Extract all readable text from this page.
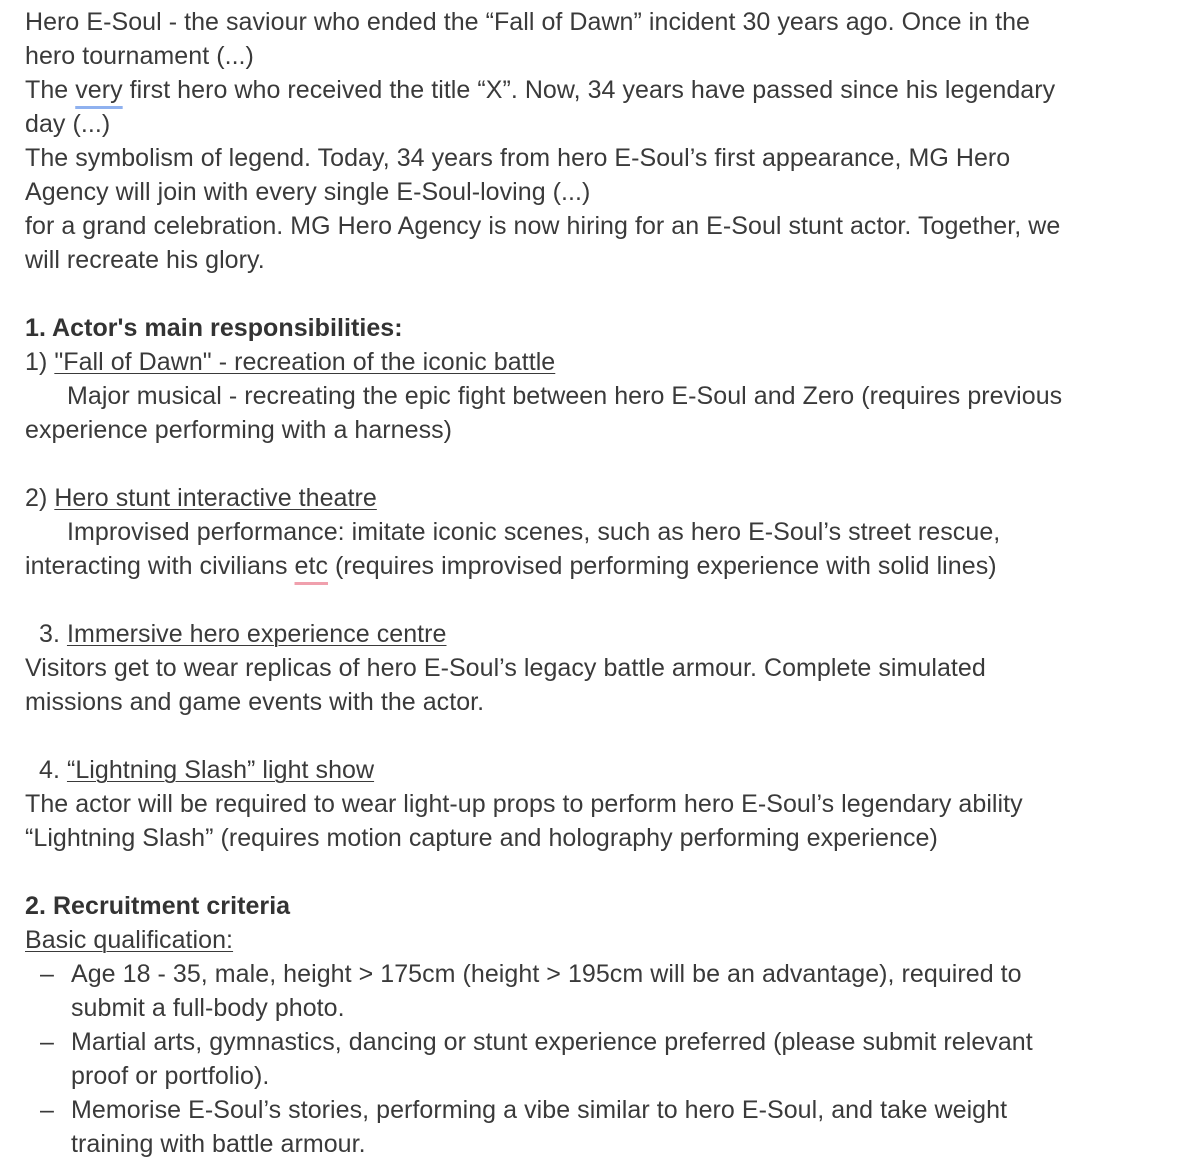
Hero E-Soul - the saviour who ended the “Fall of Dawn” incident 30 years ago. Once in the
hero tournament (...)
The very first hero who received the title “X”. Now, 34 years have passed since his legendary
day (...)
The symbolism of legend. Today, 34 years from hero E-Soul’s first appearance, MG Hero
Agency will join with every single E-Soul-loving (...)
for a grand celebration. MG Hero Agency is now hiring for an E-Soul stunt actor. Together, we
will recreate his glory.
1. Actor's main responsibilities:
1) "Fall of Dawn" - recreation of the iconic battle
Major musical - recreating the epic fight between hero E-Soul and Zero (requires previous
experience performing with a harness)
2) Hero stunt interactive theatre
Improvised performance: imitate iconic scenes, such as hero E-Soul’s street rescue,
interacting with civilians etc (requires improvised performing experience with solid lines)
3. Immersive hero experience centre
Visitors get to wear replicas of hero E-Soul’s legacy battle armour. Complete simulated
missions and game events with the actor.
4. “Lightning Slash” light show
The actor will be required to wear light-up props to perform hero E-Soul’s legendary ability
“Lightning Slash” (requires motion capture and holography performing experience)
2. Recruitment criteria
Basic qualification:
– Age 18 - 35, male, height > 175cm (height > 195cm will be an advantage), required to
submit a full-body photo.
– Martial arts, gymnastics, dancing or stunt experience preferred (please submit relevant
proof or portfolio).
– Memorise E-Soul’s stories, performing a vibe similar to hero E-Soul, and take weight
training with battle armour.
